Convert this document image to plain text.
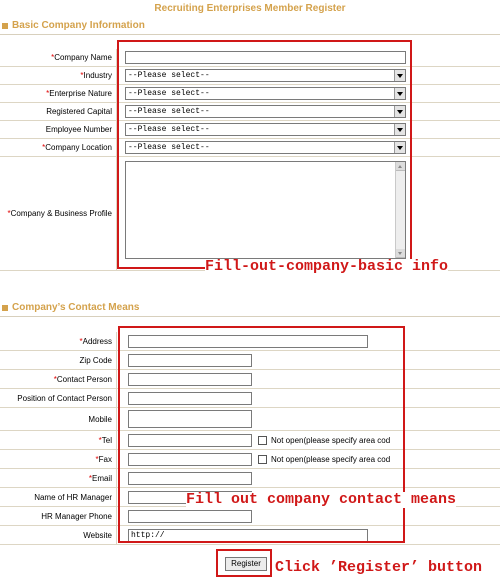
Recruiting Enterprises Member Register
Basic Company Information
* Company Name
* Industry	--Please select--
* Enterprise Nature	--Please select--
Registered Capital	--Please select--
Employee Number	--Please select--
* Company Location	--Please select--
* Company & Business Profile
Fill-out-company-basic info
Company’s Contact Means
* Address
Zip Code
* Contact Person
Position of Contact Person
Mobile
* Tel	Not open(please specify area cod
* Fax	Not open(please specify area cod
* Email
Name of HR Manager
HR Manager Phone
Website	http://
Fill out company contact means
Register Click ’Register’ button
